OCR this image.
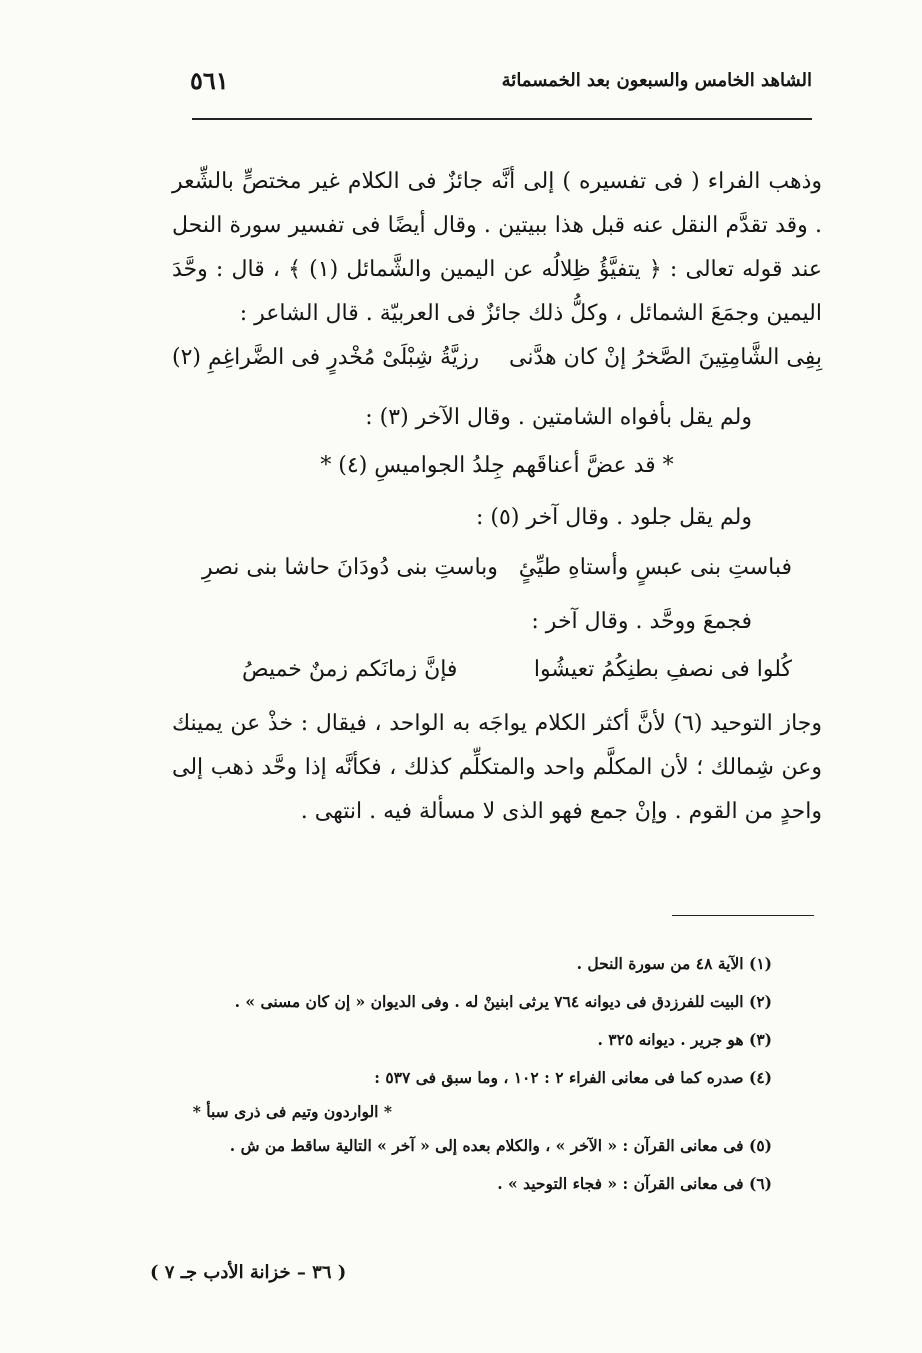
الشاهد الخامس والسبعون بعد الخمسمائة
٥٦١

وذهب الفراء ( فى تفسيره ) إلى أنَّه جائزٌ فى الكلام غير مختصٍّ بالشِّعر . وقد تقدَّم النقل عنه قبل هذا ببيتين . وقال أيضًا فى تفسير سورة النحل عند قوله تعالى : ﴿ يتفيَّؤُ ظِلالُه عن اليمين والشَّمائل (١) ﴾ ، قال : وحَّدَ اليمين وجمَعَ الشمائل ، وكلُّ ذلك جائزٌ فى العربيّة . قال الشاعر :

بِفِى الشَّامِتِينَ الصَّخرُ إنْ كان هدَّنى
رزيَّةُ شِبْلَىْ مُخْدرٍ فى الضَّراغِمِ (٢)

ولم يقل بأفواه الشامتين . وقال الآخر (٣) :

* قد عضَّ أعناقَهم جِلدُ الجواميسِ (٤) *

ولم يقل جلود . وقال آخر (٥) :

فباستِ بنى عبسٍ وأستاهِ طيِّئٍ
وباستِ بنى دُودَانَ حاشا بنى نصرِ

فجمعَ ووحَّد . وقال آخر :

كُلوا فى نصفِ بطنِكُمُ تعيشُوا
فإنَّ زمانَكم زمنٌ خميصُ

وجاز التوحيد (٦) لأنَّ أكثر الكلام يواجَه به الواحد ، فيقال : خذْ عن يمينك وعن شِمالك ؛ لأن المكلَّم واحد والمتكلِّم كذلك ، فكأنَّه إذا وحَّد ذهب إلى واحدٍ من القوم . وإنْ جمع فهو الذى لا مسألة فيه . انتهى .

(١) الآية ٤٨ من سورة النحل .

(٢) البيت للفرزدق فى ديوانه ٧٦٤ يرثى ابنينْ له . وفى الديوان « إن كان مسنى » .

(٣) هو جرير . ديوانه ٣٢٥ .

(٤) صدره كما فى معانى الفراء ٢ : ١٠٢ ، وما سبق فى ٥٣٧ :

* الواردون وتيم فى ذرى سبأ *

(٥) فى معانى القرآن : « الآخر » ، والكلام بعده إلى « آخر » التالية ساقط من ش .

(٦) فى معانى القرآن : « فجاء التوحيد » .

( ٣٦ – خزانة الأدب جـ ٧ )
